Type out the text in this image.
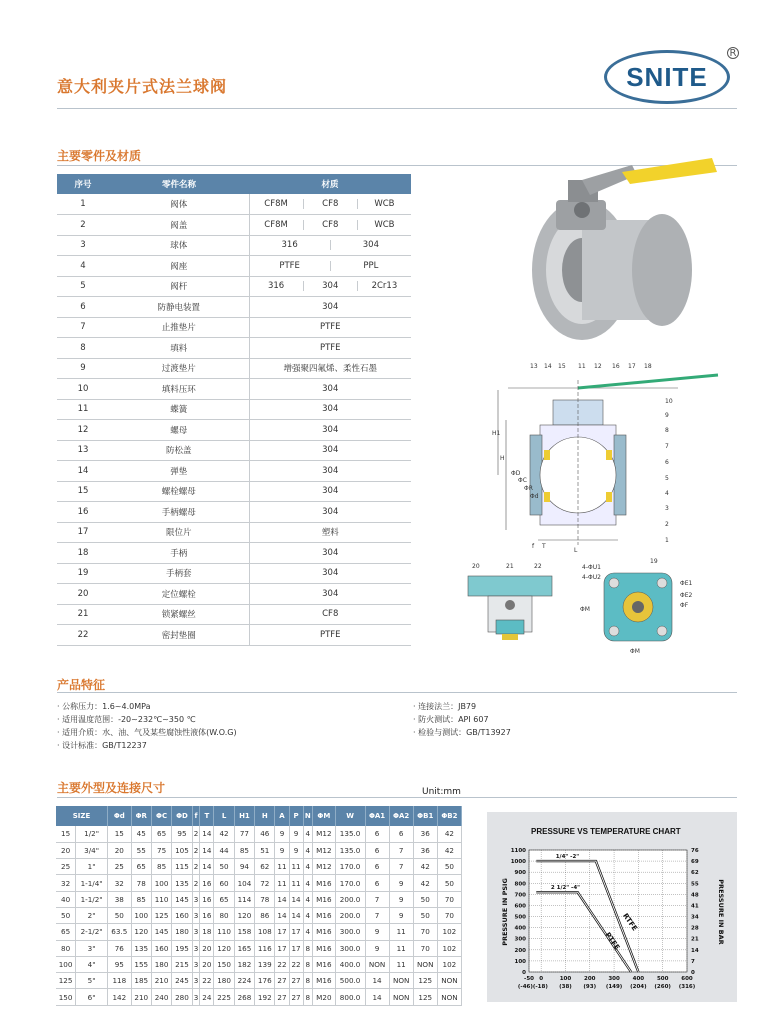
意大利夹片式法兰球阀	SNITE
R
主要零件及材质
序号	零件名称	材质
1	阀体	CF8M CF8 WCB

2	阀盖	CF8M CF8 WCB

3	球体	316 304

4	阀座	PTFE PPL

5	阀杆	316 304 2Cr13

6	防静电装置	304

7	止推垫片	PTFE

8	填料	PTFE

9	过渡垫片	增强聚四氟烯、柔性石墨

10	填料压环	304

11	蝶簧	304

12	螺母	304

13	防松盖	304

14	弹垫	304

15	螺栓螺母	304

16	手柄螺母	304

17	限位片	塑料

18	手柄	304

19	手柄套	304

20	定位螺栓	304

21	锁紧螺丝	CF8

22	密封垫圈	PTFE
13 14 15 11 12 16 17 18
10
9
8
7
6
5
4
3
2
1
H1
H
ΦD
ΦC
ΦR
Φd
L
T
f
20	21	22
19
4-ΦU1
4-ΦU2
ΦE1
ΦE2
ΦF
ΦM
ΦM
产品特征
· 公称压力：1.6~4.0MPa
· 适用温度范围：-20~232℃~350 ℃
· 适用介质：水、油、气及某些腐蚀性液体(W.O.G)
· 设计标准：GB/T12237
· 连接法兰：JB79
· 防火测试：API 607
· 检验与测试：GB/T13927
主要外型及连接尺寸	Unit:mm
SIZE		Φd	ΦR	ΦC	ΦD	f	T	L	H1	H	A	P	N	ΦM	W	ΦA1	ΦA2	ΦB1	ΦB2
15	1/2"	15	45	65	95	2	14	42	77	46	9	9	4	M12	135.0	6	6	36	42
20	3/4"	20	55	75	105	2	14	44	85	51	9	9	4	M12	135.0	6	7	36	42
25	1"	25	65	85	115	2	14	50	94	62	11	11	4	M12	170.0	6	7	42	50
32	1-1/4"	32	78	100	135	2	16	60	104	72	11	11	4	M16	170.0	6	9	42	50
40	1-1/2"	38	85	110	145	3	16	65	114	78	14	14	4	M16	200.0	7	9	50	70
50	2"	50	100	125	160	3	16	80	120	86	14	14	4	M16	200.0	7	9	50	70
65	2-1/2"	63.5	120	145	180	3	18	110	158	108	17	17	4	M16	300.0	9	11	70	102
80	3"	76	135	160	195	3	20	120	165	116	17	17	8	M16	300.0	9	11	70	102
100	4"	95	155	180	215	3	20	150	182	139	22	22	8	M16	400.0	NON	11	NON	102
125	5"	118	185	210	245	3	22	180	224	176	27	27	8	M16	500.0	14	NON	125	NON
150	6"	142	210	240	280	3	24	225	268	192	27	27	8	M20	800.0	14	NON	125	NON
PRESSURE VS TEMPERATURE CHART
1100	76
1000	69
900	62
800	55
700	48
600	41
500	34
400	28
300	21
200	14
100	7
0	0
-50 0	100 200 300 400 500 600
(-46)(-18) (38) (93) (149) (204) (260) (316)
PRESSURE IN PSIG	PRESSURE IN BAR
RTFE
PTFE
1/4" -2"
2 1/2" -4"
